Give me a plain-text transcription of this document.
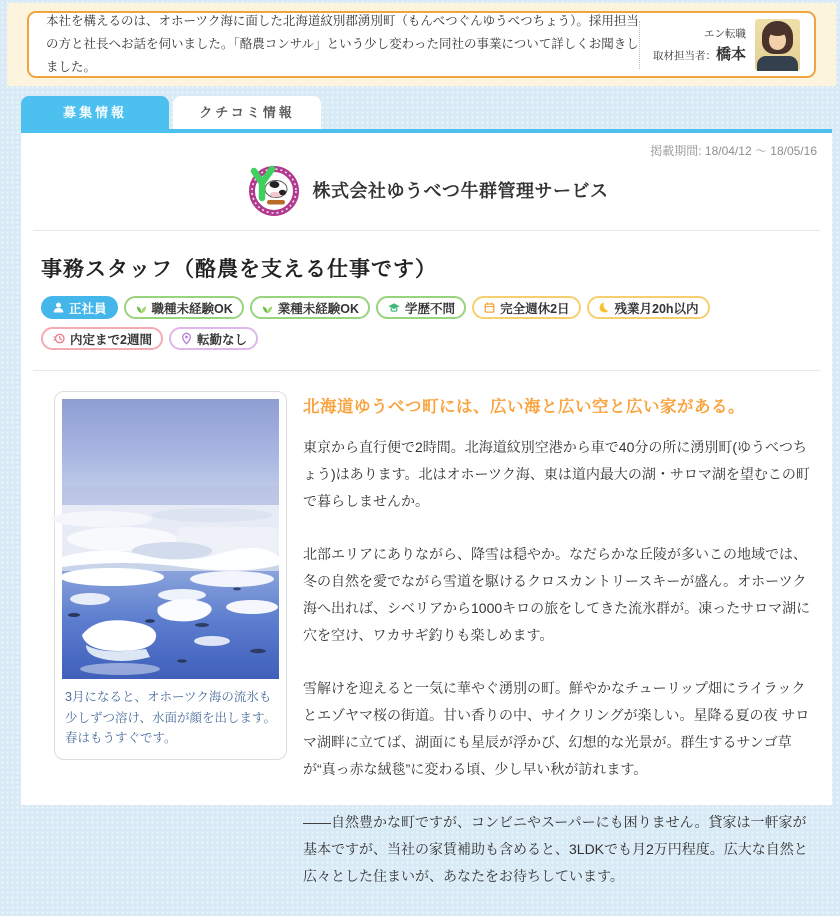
本社を構えるのは、オホーツク海に面した北海道紋別郡湧別町（もんべつぐんゆうべつちょう）。採用担当の方と社長へお話を伺いました。「酪農コンサル」という少し変わった同社の事業について詳しくお聞きしました。

エン転職
取材担当者：橋本
募集情報	クチコミ情報
掲載期間: 18/04/12 ～ 18/05/16
株式会社ゆうべつ牛群管理サービス
事務スタッフ（酪農を支える仕事です）
正社員	職種未経験OK	業種未経験OK	学歴不問	完全週休2日	残業月20h以内
内定まで2週間	転勤なし
3月になると、オホーツク海の流氷も少しずつ溶け、水面が顔を出します。春はもうすぐです。
北海道ゆうべつ町には、広い海と広い空と広い家がある。

東京から直行便で2時間。北海道紋別空港から車で40分の所に湧別町(ゆうべつちょう)はあります。北はオホーツク海、東は道内最大の湖・サロマ湖を望むこの町で暮らしませんか。

北部エリアにありながら、降雪は穏やか。なだらかな丘陵が多いこの地域では、冬の自然を愛でながら雪道を駆けるクロスカントリースキーが盛ん。オホーツク海へ出れば、シベリアから1000キロの旅をしてきた流氷群が。凍ったサロマ湖に穴を空け、ワカサギ釣りも楽しめます。

雪解けを迎えると一気に華やぐ湧別の町。鮮やかなチューリップ畑にライラックとエゾヤマ桜の街道。甘い香りの中、サイクリングが楽しい。星降る夏の夜 サロマ湖畔に立てば、湖面にも星辰が浮かび、幻想的な光景が。群生するサンゴ草が“真っ赤な絨毯”に変わる頃、少し早い秋が訪れます。

――自然豊かな町ですが、コンビニやスーパーにも困りません。貸家は一軒家が基本ですが、当社の家賃補助も含めると、3LDKでも月2万円程度。広大な自然と広々とした住まいが、あなたをお待ちしています。
